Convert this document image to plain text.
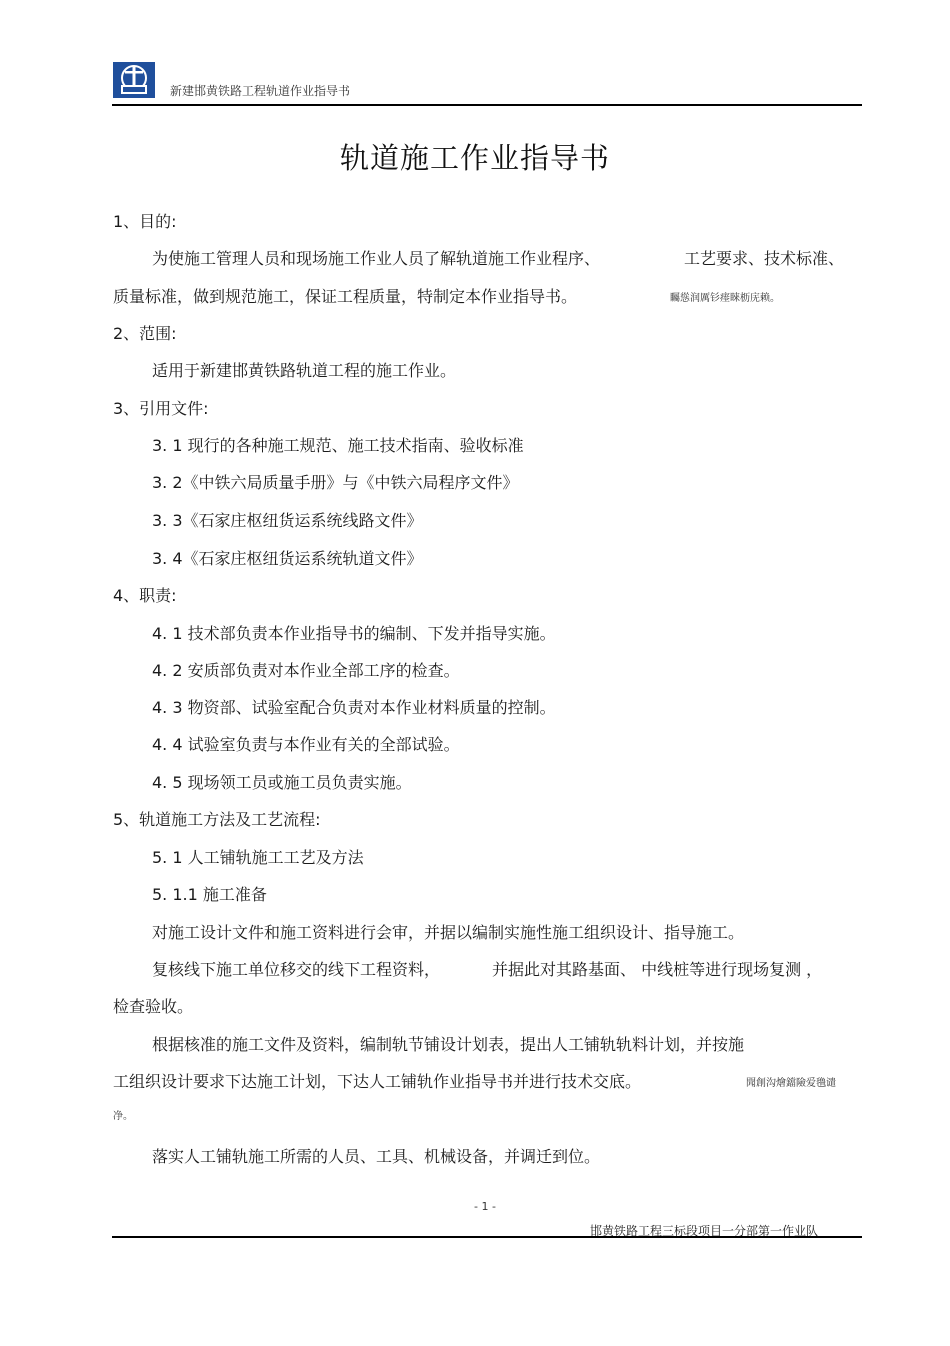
新建邯黄铁路工程轨道作业指导书
轨道施工作业指导书
1、目的:
为使施工管理人员和现场施工作业人员了解轨道施工作业程序、	工艺要求、技术标准、
质量标准，做到规范施工，保证工程质量，特制定本作业指导书。	矚慫润厲钐瘗睞枥庑赖。
2、范围:
适用于新建邯黄铁路轨道工程的施工作业。
3、引用文件:
3. 1 现行的各种施工规范、施工技术指南、验收标准
3. 2《中铁六局质量手册》与《中铁六局程序文件》
3. 3《石家庄枢纽货运系统线路文件》
3. 4《石家庄枢纽货运系统轨道文件》
4、职责:
4. 1 技术部负责本作业指导书的编制、下发并指导实施。
4. 2 安质部负责对本作业全部工序的检查。
4. 3 物资部、试验室配合负责对本作业材料质量的控制。
4. 4 试验室负责与本作业有关的全部试验。
4. 5 现场领工员或施工员负责实施。
5、轨道施工方法及工艺流程:
5. 1 人工铺轨施工工艺及方法
5. 1.1 施工准备
对施工设计文件和施工资料进行会审，并据以编制实施性施工组织设计、指导施工。
复核线下施工单位移交的线下工程资料，	并据此对其路基面、 中线桩等进行现场复测 ，
检查验收。
根据核准的施工文件及资料，编制轨节铺设计划表，提出人工铺轨轨料计划，并按施
工组织设计要求下达施工计划，下达人工铺轨作业指导书并进行技术交底。	聞創沟燴鐺險爱氇谴
净。
落实人工铺轨施工所需的人员、工具、机械设备，并调迁到位。
- 1 -
邯黄铁路工程三标段项目一分部第一作业队
